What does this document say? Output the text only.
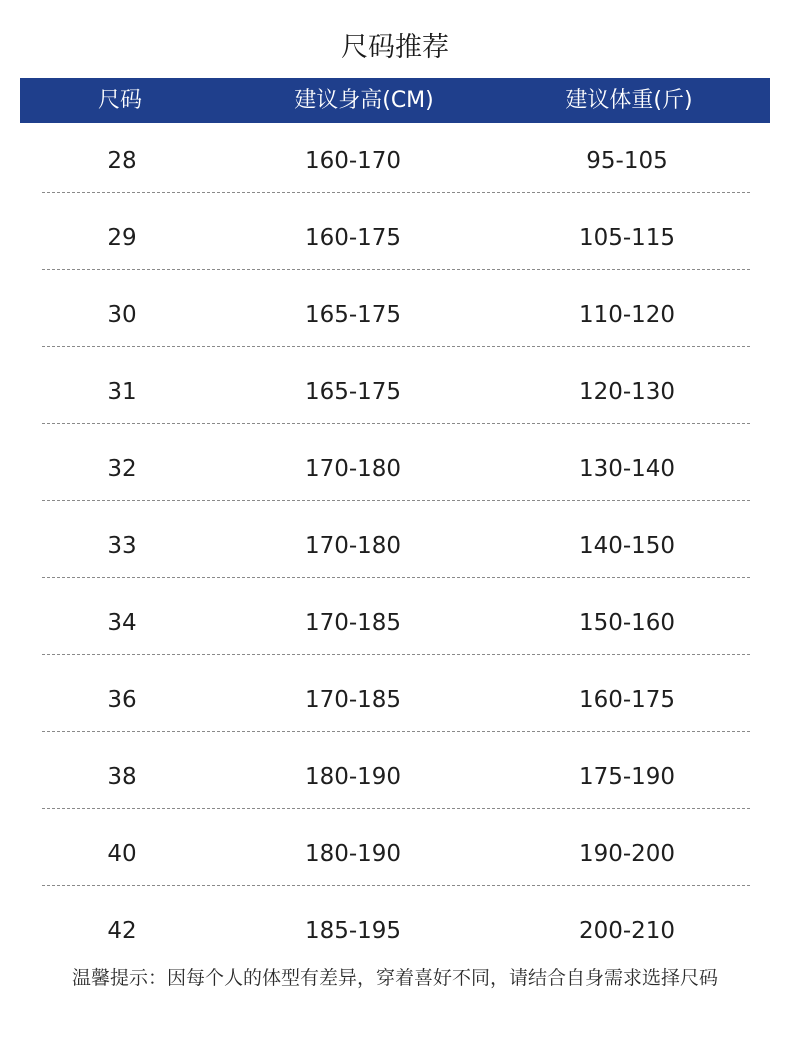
尺码推荐
尺码	建议身高(CM)	建议体重(斤)
28	160-170	95-105
29	160-175	105-115
30	165-175	110-120
31	165-175	120-130
32	170-180	130-140
33	170-180	140-150
34	170-185	150-160
36	170-185	160-175
38	180-190	175-190
40	180-190	190-200
42	185-195	200-210
温馨提示：因每个人的体型有差异，穿着喜好不同，请结合自身需求选择尺码
